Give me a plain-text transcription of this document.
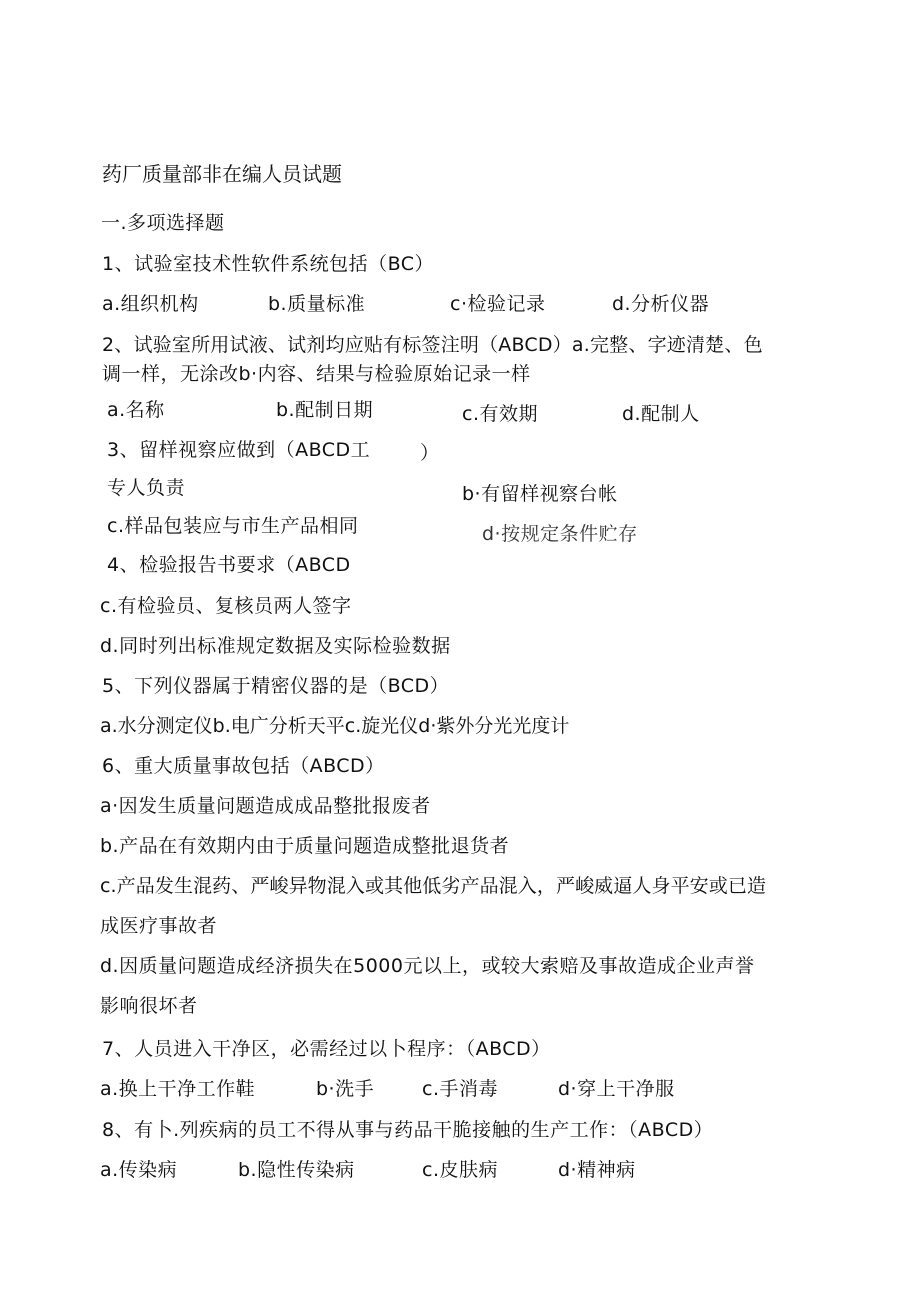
药厂质量部非在编人员试题
一.多项选择题
1、试验室技术性软件系统包括（BC）
a.组织机构	b.质量标准	c·检验记录	d.分析仪器
2、试验室所用试液、试剂均应贴有标签注明（ABCD）a.完整、字迹清楚、色
调一样，无涂改b·内容、结果与检验原始记录一样
a.名称	b.配制日期	c.有效期	d.配制人
3、留样视察应做到（ABCD工	）
专人负责	b·有留样视察台帐
c.样品包装应与市生产品相同	d·按规定条件贮存
4、检验报告书要求（ABCD
c.有检验员、复核员两人签字
d.同时列出标准规定数据及实际检验数据
5、下列仪器属于精密仪器的是（BCD）
a.水分测定仪b.电广分析天平c.旋光仪d·紫外分光光度计
6、重大质量事故包括（ABCD）
a·因发生质量问题造成成品整批报废者
b.产品在有效期内由于质量问题造成整批退货者
c.产品发生混药、严峻异物混入或其他低劣产品混入，严峻威逼人身平安或已造
成医疗事故者
d.因质量问题造成经济损失在5000元以上，或较大索赔及事故造成企业声誉
影响很坏者
7、人员进入干净区，必需经过以卜程序：（ABCD）
a.换上干净工作鞋	b·洗手	c.手消毒	d·穿上干净服
8、有卜.列疾病的员工不得从事与药品干脆接触的生产工作：（ABCD）
a.传染病	b.隐性传染病	c.皮肤病	d·精神病
